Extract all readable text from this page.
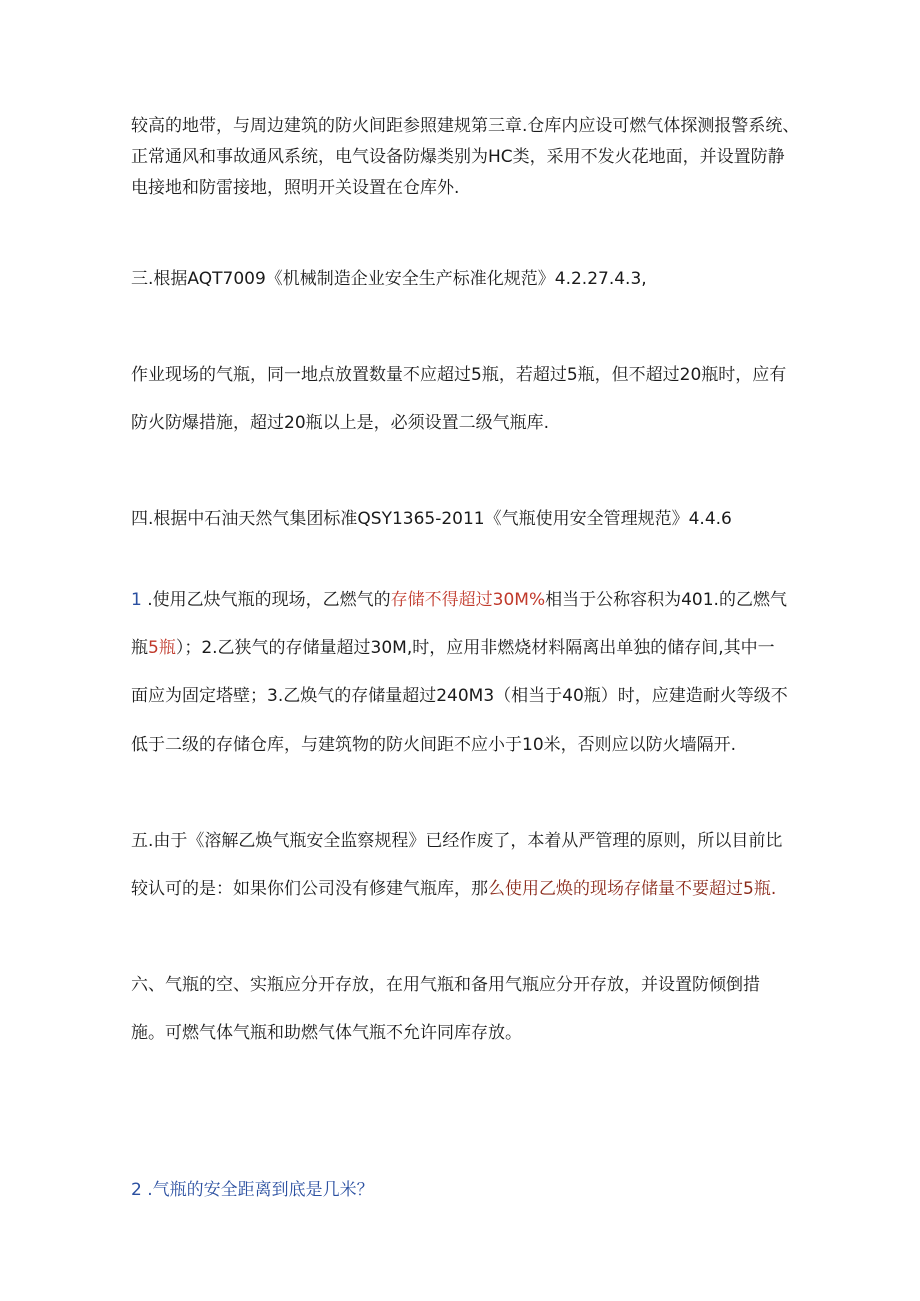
较高的地带，与周边建筑的防火间距参照建规第三章.仓库内应设可燃气体探测报警系统、
正常通风和事故通风系统，电气设备防爆类别为HC类，采用不发火花地面，并设置防静
电接地和防雷接地，照明开关设置在仓库外.
三.根据AQT7009《机械制造企业安全生产标准化规范》4.2.27.4.3,
作业现场的气瓶，同一地点放置数量不应超过5瓶，若超过5瓶，但不超过20瓶时，应有
防火防爆措施，超过20瓶以上是，必须设置二级气瓶库.
四.根据中石油天然气集团标准QSY1365-2011《气瓶使用安全管理规范》4.4.6
1 .使用乙炔气瓶的现场，乙燃气的存储不得超过30M%相当于公称容积为401.的乙燃气
瓶5瓶）；2.乙狭气的存储量超过30M,时，应用非燃烧材料隔离出单独的储存间,其中一
面应为固定塔壁；3.乙焕气的存储量超过240M3（相当于40瓶）时，应建造耐火等级不
低于二级的存储仓库，与建筑物的防火间距不应小于10米，否则应以防火墙隔开.
五.由于《溶解乙焕气瓶安全监察规程》已经作废了，本着从严管理的原则，所以目前比
较认可的是：如果你们公司没有修建气瓶库，那么使用乙焕的现场存储量不要超过5瓶.
六、气瓶的空、实瓶应分开存放，在用气瓶和备用气瓶应分开存放，并设置防倾倒措
施。可燃气体气瓶和助燃气体气瓶不允许同库存放。
2 .气瓶的安全距离到底是几米？
